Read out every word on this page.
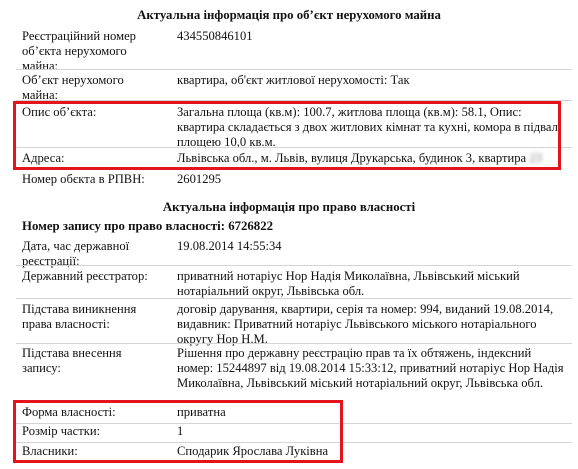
Актуальна інформація про об’єкт нерухомого майна
Реєстраційний номер об’єкта нерухомого майна:
434550846101
Об’єкт нерухомого майна:
квартира, об'єкт житлової нерухомості: Так
Опис об’єкта:	Загальна площа (кв.м): 100.7, житлова площа (кв.м): 58.1, Опис: квартира складається з двох житлових кімнат та кухні, комора в підвалі площею 10,0 кв.м.
Адреса:	Львівська обл., м. Львів, вулиця Друкарська, будинок 3, квартира 23
Номер обєкта в РПВН:	2601295
Актуальна інформація про право власності
Номер запису про право власності: 6726822
Дата, час державної реєстрації:
19.08.2014 14:55:34
Державний реєстратор:	приватний нотаріус Нор Надія Миколаївна, Львівський міський нотаріальний округ, Львівська обл.
Підстава виникнення права власності:
договір дарування, квартири, серія та номер: 994, виданий 19.08.2014, видавник: Приватний нотаріус Львівського міського нотаріального округу Нор Н.М.
Підстава внесення запису:
Рішення про державну реєстрацію прав та їх обтяжень, індексний номер: 15244897 від 19.08.2014 15:33:12, приватний нотаріус Нор Надія Миколаївна, Львівський міський нотаріальний округ, Львівська обл.
Форма власності:	приватна
Розмір частки:	1
Власники:	Сподарик Ярослава Луківна
